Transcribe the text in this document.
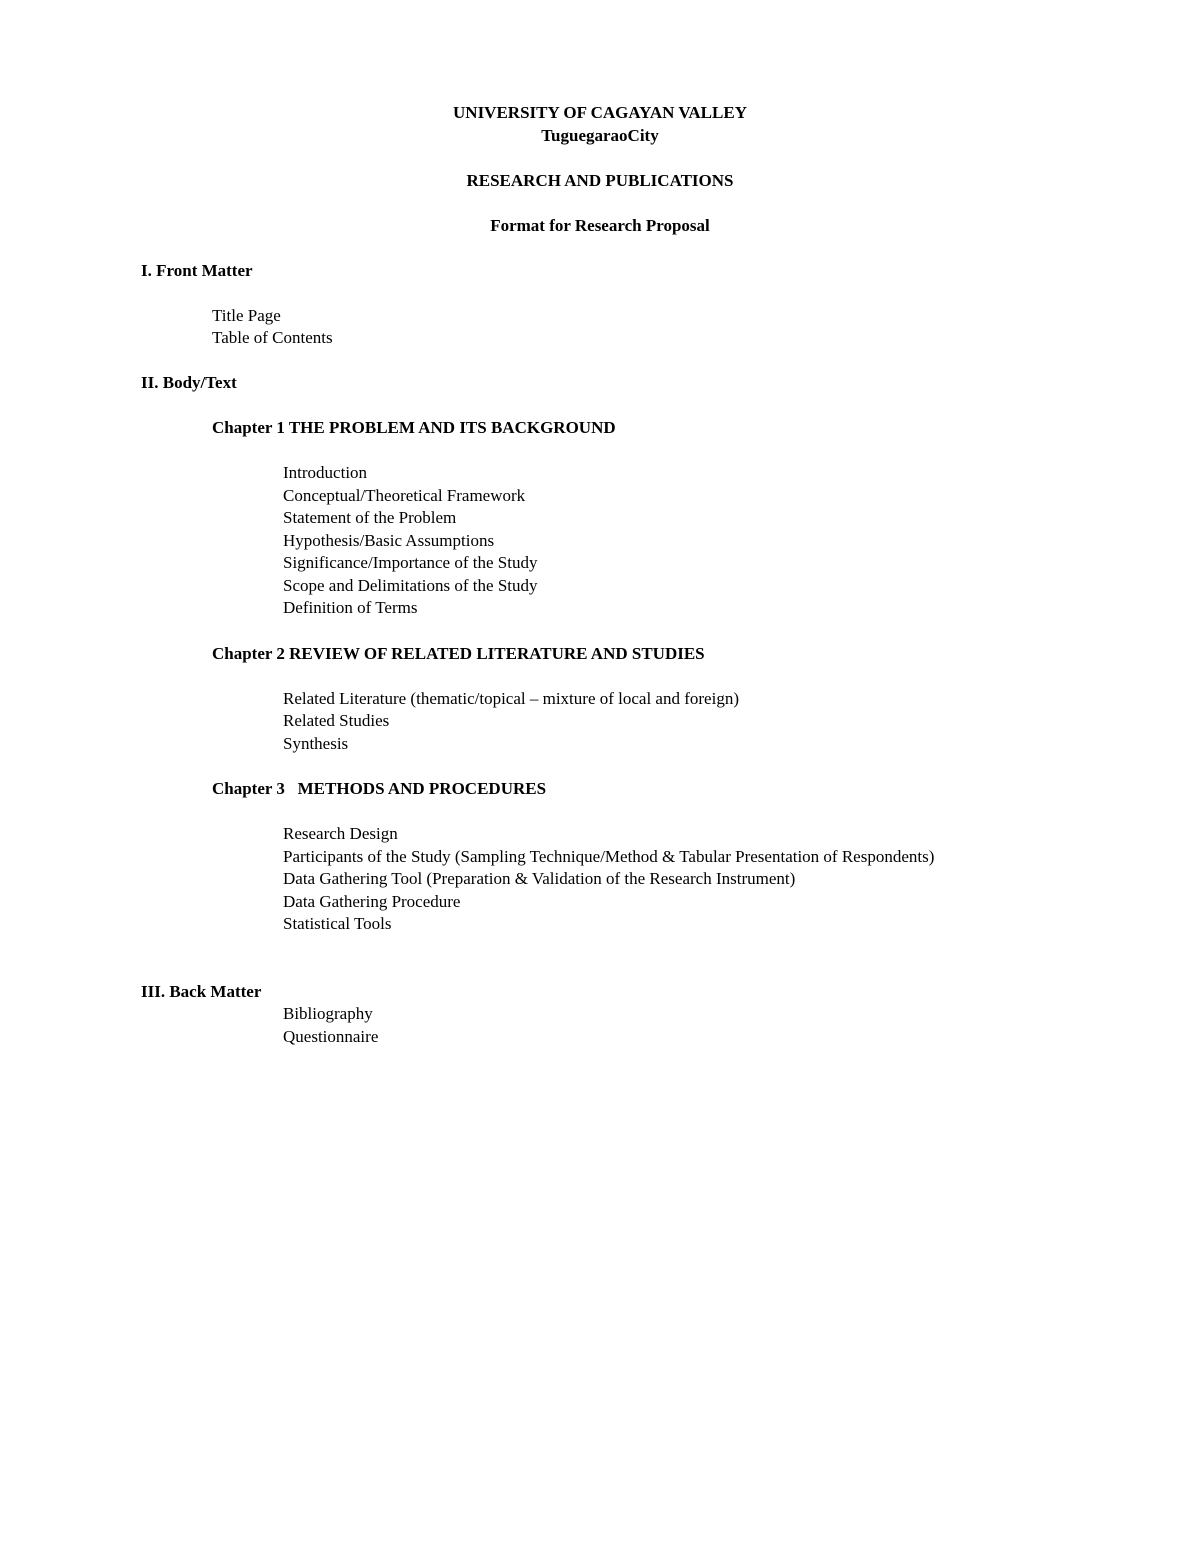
UNIVERSITY OF CAGAYAN VALLEY
TuguegaraoCity
RESEARCH AND PUBLICATIONS
Format for Research Proposal
I. Front Matter
Title Page
Table of Contents
II. Body/Text
Chapter 1 THE PROBLEM AND ITS BACKGROUND
Introduction
Conceptual/Theoretical Framework
Statement of the Problem
Hypothesis/Basic Assumptions
Significance/Importance of the Study
Scope and Delimitations of the Study
Definition of Terms
Chapter 2 REVIEW OF RELATED LITERATURE AND STUDIES
Related Literature (thematic/topical – mixture of local and foreign)
Related Studies
Synthesis
Chapter 3   METHODS AND PROCEDURES
Research Design
Participants of the Study (Sampling Technique/Method & Tabular Presentation of Respondents)
Data Gathering Tool (Preparation & Validation of the Research Instrument)
Data Gathering Procedure
Statistical Tools
III. Back Matter
Bibliography
Questionnaire
